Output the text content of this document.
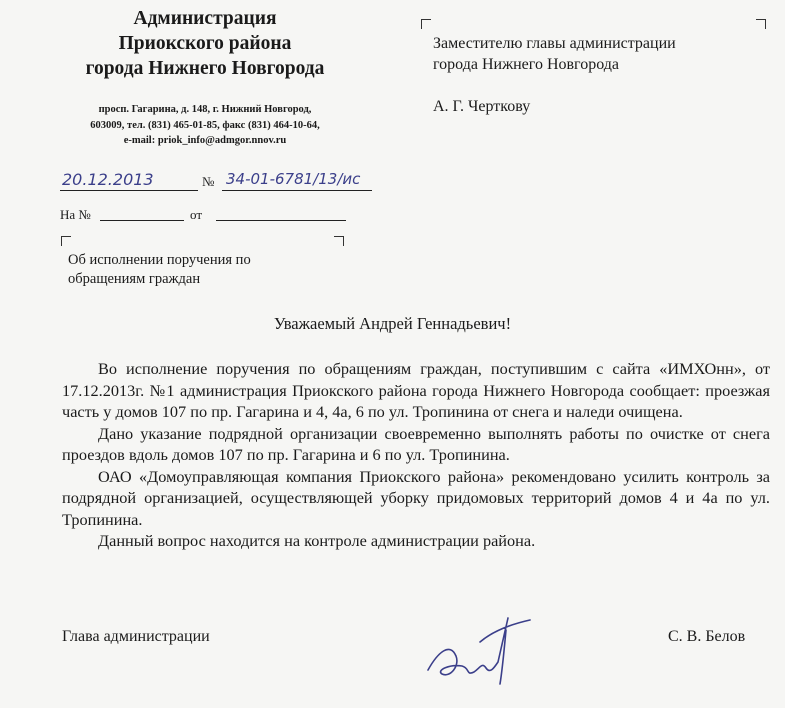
Администрация
Приокского района
города Нижнего Новгорода
просп. Гагарина, д. 148, г. Нижний Новгород,
603009, тел. (831) 465-01-85, факс (831) 464-10-64,
e-mail: priok_info@admgor.nnov.ru
20.12.2013	№ 34-01-6781/13/ис
На №	от
Заместителю главы администрации
города Нижнего Новгорода
А. Г. Черткову
Об исполнении поручения по
обращениям граждан
Уважаемый Андрей Геннадьевич!

Во исполнение поручения по обращениям граждан, поступившим с сайта «ИМХОнн», от 17.12.2013г. №1 администрация Приокского района города Нижнего Новгорода сообщает: проезжая часть у домов 107 по пр. Гагарина и 4, 4а, 6 по ул. Тропинина от снега и наледи очищена.

Дано указание подрядной организации своевременно выполнять работы по очистке от снега проездов вдоль домов 107 по пр. Гагарина и 6 по ул. Тропинина.

ОАО «Домоуправляющая компания Приокского района» рекомендовано усилить контроль за подрядной организацией, осуществляющей уборку придомовых территорий домов 4 и 4а по ул. Тропинина.

Данный вопрос находится на контроле администрации района.

Глава администрации	С. В. Белов
